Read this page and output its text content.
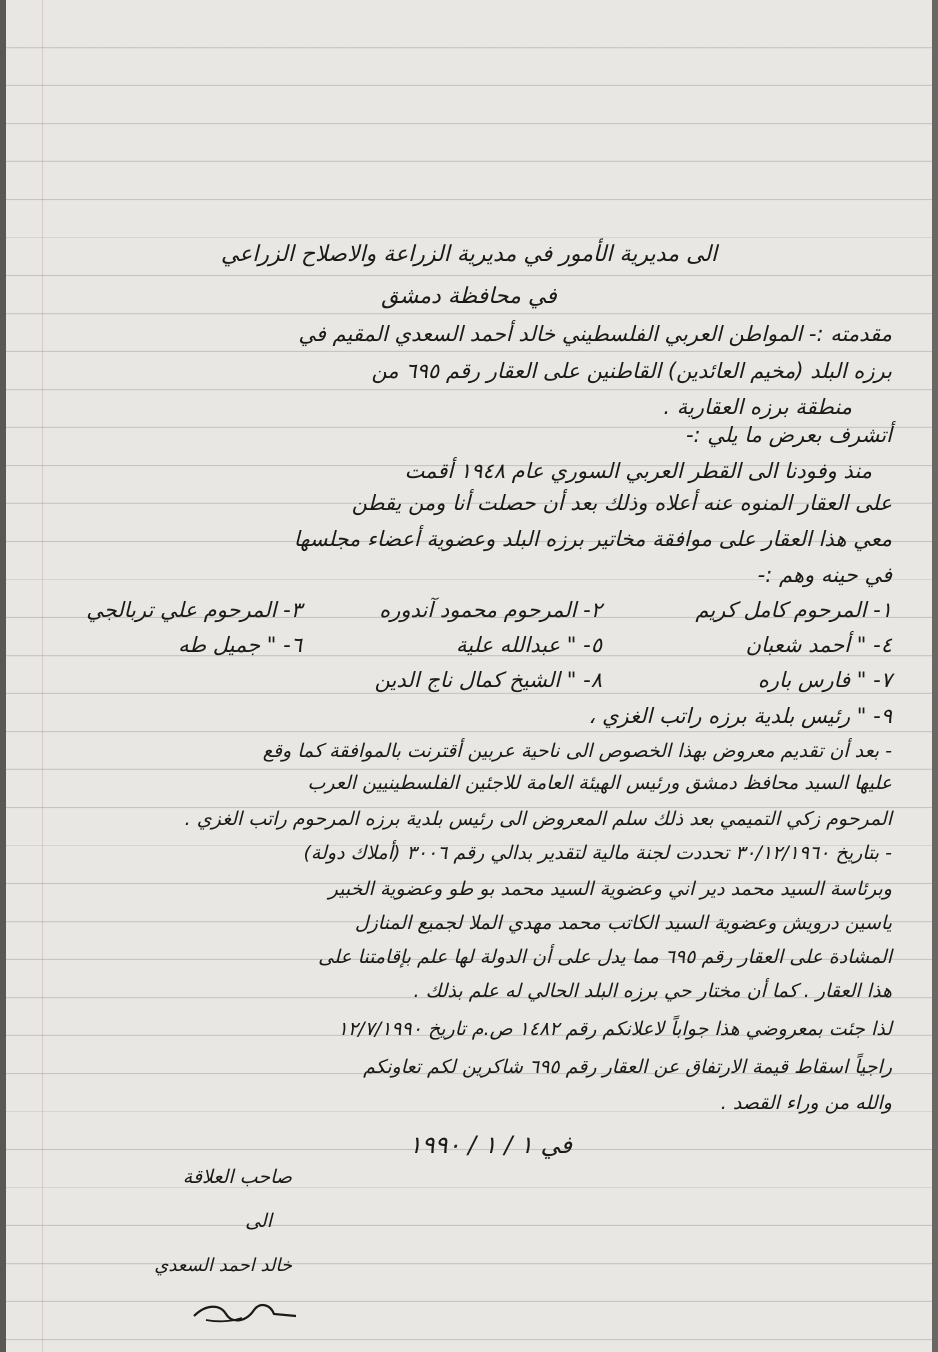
الى مديرية الأمور في مديرية الزراعة والاصلاح الزراعي
في محافظة دمشق
مقدمته :- المواطن العربي الفلسطيني خالد أحمد السعدي المقيم في
برزه البلد (مخيم العائدين) القاطنين على العقار رقم ٦٩٥ من
منطقة برزه العقارية .
أتشرف بعرض ما يلي :-
منذ وفودنا الى القطر العربي السوري عام ١٩٤٨ أقمت
على العقار المنوه عنه أعلاه وذلك بعد أن حصلت أنا ومن يقطن
معي هذا العقار على موافقة مخاتير برزه البلد وعضوية أعضاء مجلسها
في حينه وهم :-
١- المرحوم كامل كريم
٢- المرحوم محمود آندوره
٣- المرحوم علي تربالجي
٤- " أحمد شعبان
٥- " عبدالله علية
٦- " جميل طه
٧- " فارس باره
٨- " الشيخ كمال ناج الدين
٩- " رئيس بلدية برزه راتب الغزي ،
- بعد أن تقديم معروض بهذا الخصوص الى ناحية عربين أقترنت بالموافقة كما وقع
عليها السيد محافظ دمشق ورئيس الهيئة العامة للاجئين الفلسطينيين العرب
المرحوم زكي التميمي بعد ذلك سلم المعروض الى رئيس بلدية برزه المرحوم راتب الغزي .
- بتاريخ ٣٠/١٢/١٩٦٠ تحددت لجنة مالية لتقدير بدالي رقم ٣٠٠٦ (أملاك دولة)
وبرئاسة السيد محمد دير اني وعضوية السيد محمد بو طو وعضوية الخبير
ياسين درويش وعضوية السيد الكاتب محمد مهدي الملا لجميع المنازل
المشادة على العقار رقم ٦٩٥ مما يدل على أن الدولة لها علم بإقامتنا على
هذا العقار . كما أن مختار حي برزه البلد الحالي له علم بذلك .
لذا جئت بمعروضي هذا جواباً لاعلانكم رقم ١٤٨٢ ص.م تاريخ ١٢/٧/١٩٩٠
راجياً اسقاط قيمة الارتفاق عن العقار رقم ٦٩٥ شاكرين لكم تعاونكم
والله من وراء القصد .
في ١ / ١ / ١٩٩٠
صاحب العلاقة
الى
خالد احمد السعدي
